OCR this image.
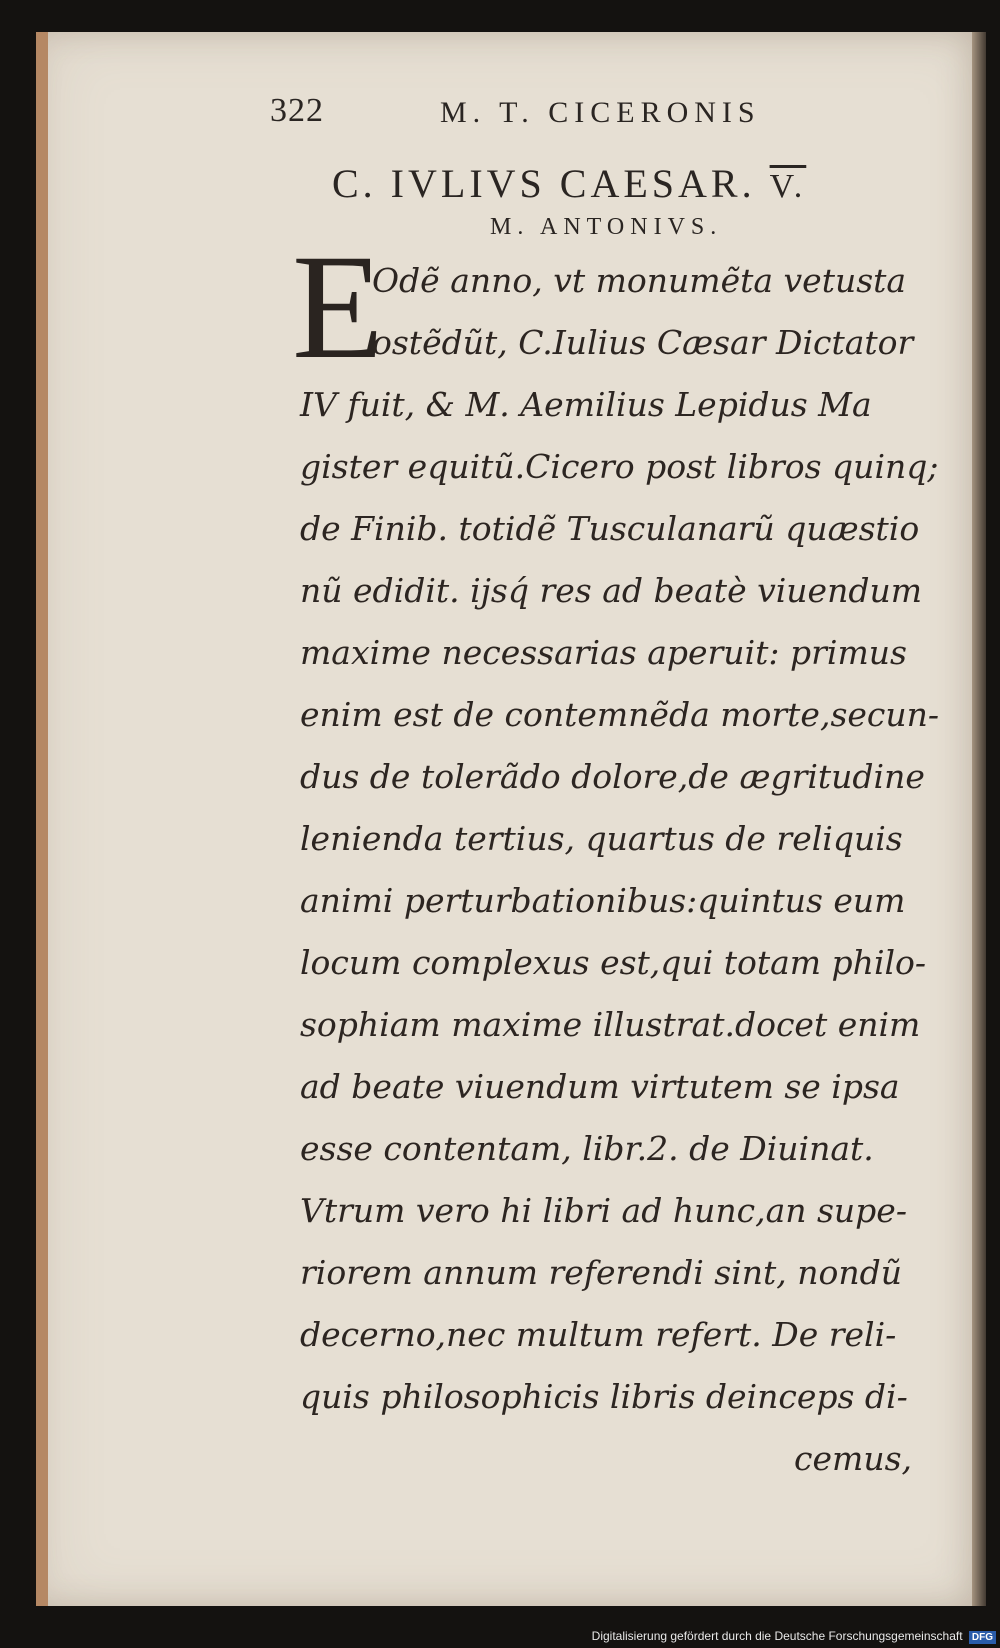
322	M. T. CICERONIS
C. IVLIVS CAESAR. V.
M. ANTONIVS.
E
Odẽ anno, vt monumẽta vetusta
ostẽdũt, C.Iulius Cæsar Dictator
IV fuit, & M. Aemilius Lepidus Ma
gister equitũ.Cicero post libros quinq;
de Finib. totidẽ Tusculanarũ quæstio
nũ edidit. ijsq́ res ad beatè viuendum
maxime necessarias aperuit: primus
enim est de contemnẽda morte,secun-
dus de tolerãdo dolore,de ægritudine
lenienda tertius, quartus de reliquis
animi perturbationibus:quintus eum
locum complexus est,qui totam philo-
sophiam maxime illustrat.docet enim
ad beate viuendum virtutem se ipsa
esse contentam, libr.2. de Diuinat.
Vtrum vero hi libri ad hunc,an supe-
riorem annum referendi sint, nondũ
decerno,nec multum refert. De reli-
quis philosophicis libris deinceps di-
cemus,
Digitalisierung gefördert durch die Deutsche Forschungsgemeinschaft DFG
